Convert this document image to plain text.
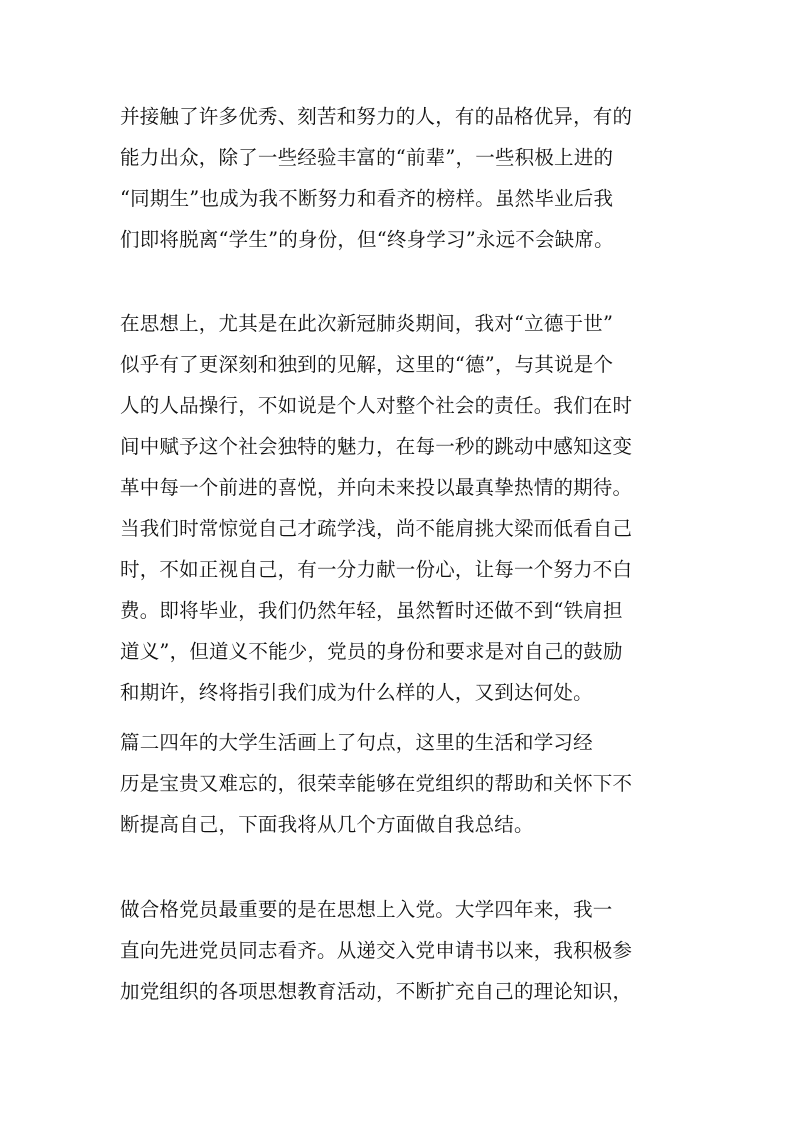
并接触了许多优秀、刻苦和努力的人，有的品格优异，有的
能力出众，除了一些经验丰富的“前辈”，一些积极上进的
“同期生”也成为我不断努力和看齐的榜样。虽然毕业后我
们即将脱离“学生”的身份，但“终身学习”永远不会缺席。
在思想上，尤其是在此次新冠肺炎期间，我对“立德于世”
似乎有了更深刻和独到的见解，这里的“德”，与其说是个
人的人品操行，不如说是个人对整个社会的责任。我们在时
间中赋予这个社会独特的魅力，在每一秒的跳动中感知这变
革中每一个前进的喜悦，并向未来投以最真挚热情的期待。
当我们时常惊觉自己才疏学浅，尚不能肩挑大梁而低看自己
时，不如正视自己，有一分力献一份心，让每一个努力不白
费。即将毕业，我们仍然年轻，虽然暂时还做不到“铁肩担
道义”，但道义不能少，党员的身份和要求是对自己的鼓励
和期许，终将指引我们成为什么样的人，又到达何处。
篇二四年的大学生活画上了句点，这里的生活和学习经
历是宝贵又难忘的，很荣幸能够在党组织的帮助和关怀下不
断提高自己，下面我将从几个方面做自我总结。
做合格党员最重要的是在思想上入党。大学四年来，我一
直向先进党员同志看齐。从递交入党申请书以来，我积极参
加党组织的各项思想教育活动，不断扩充自己的理论知识，
